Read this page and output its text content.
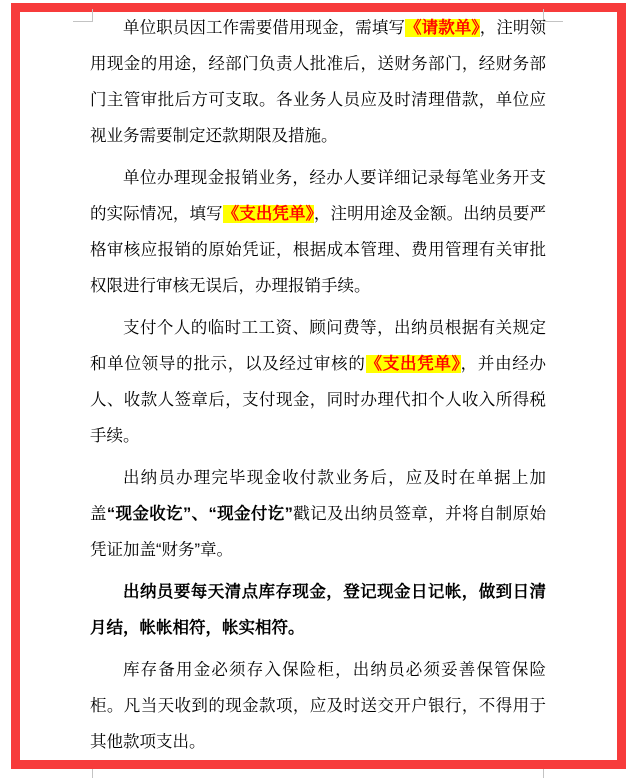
单位职员因工作需要借用现金，需填写《请款单》，注明领用现金的用途，经部门负责人批准后，送财务部门，经财务部门主管审批后方可支取。各业务人员应及时清理借款，单位应视业务需要制定还款期限及措施。

单位办理现金报销业务，经办人要详细记录每笔业务开支的实际情况，填写《支出凭单》，注明用途及金额。出纳员要严格审核应报销的原始凭证，根据成本管理、费用管理有关审批权限进行审核无误后，办理报销手续。

支付个人的临时工工资、顾问费等，出纳员根据有关规定和单位领导的批示，以及经过审核的《支出凭单》，并由经办人、收款人签章后，支付现金，同时办理代扣个人收入所得税手续。

出纳员办理完毕现金收付款业务后，应及时在单据上加盖“现金收讫”、“现金付讫”戳记及出纳员签章，并将自制原始凭证加盖“财务”章。

出纳员要每天清点库存现金，登记现金日记帐，做到日清月结，帐帐相符，帐实相符。

库存备用金必须存入保险柜，出纳员必须妥善保管保险柜。凡当天收到的现金款项，应及时送交开户银行，不得用于其他款项支出。
